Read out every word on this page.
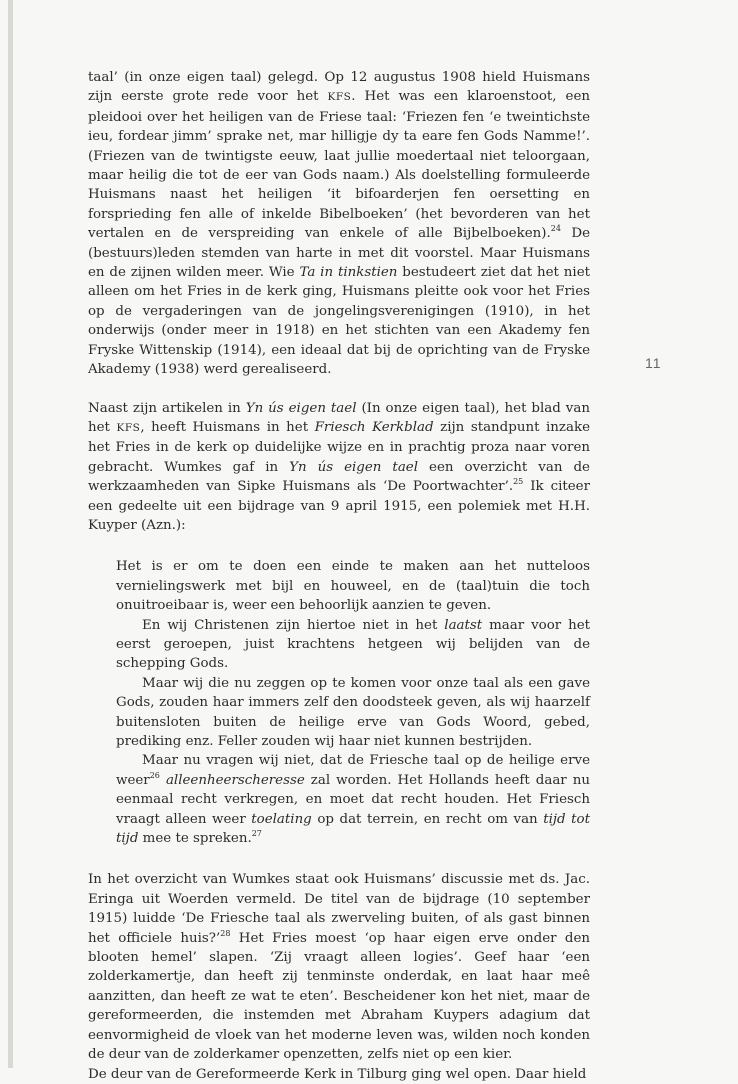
11

taal’ (in onze eigen taal) gelegd. Op 12 augustus 1908 hield Huismans zijn eerste grote rede voor het KFS. Het was een klaroenstoot, een pleidooi over het heiligen van de Friese taal: ‘Friezen fen ‘e tweintichste ieu, fordear jimm’ sprake net, mar hilligje dy ta eare fen Gods Namme!’. (Friezen van de twintigste eeuw, laat jullie moedertaal niet teloorgaan, maar heilig die tot de eer van Gods naam.) Als doelstelling formuleerde Huismans naast het heiligen ‘it bifoarderjen fen oersetting en forsprieding fen alle of inkelde Bibelboeken’ (het bevorderen van het vertalen en de verspreiding van enkele of alle Bijbelboeken).$^{24}$ De (bestuurs)leden stemden van harte in met dit voorstel. Maar Huismans en de zijnen wilden meer. Wie Ta in tinkstien bestudeert ziet dat het niet alleen om het Fries in de kerk ging, Huismans pleitte ook voor het Fries op de vergaderingen van de jongelingsverenigingen (1910), in het onderwijs (onder meer in 1918) en het stichten van een Akademy fen Fryske Wittenskip (1914), een ideaal dat bij de oprichting van de Fryske Akademy (1938) werd gerealiseerd.

Naast zijn artikelen in Yn ús eigen tael (In onze eigen taal), het blad van het KFS, heeft Huismans in het Friesch Kerkblad zijn standpunt inzake het Fries in de kerk op duidelijke wijze en in prachtig proza naar voren gebracht. Wumkes gaf in Yn ús eigen tael een overzicht van de werkzaamheden van Sipke Huismans als ‘De Poortwachter’.$^{25}$ Ik citeer een gedeelte uit een bijdrage van 9 april 1915, een polemiek met H.H. Kuyper (Azn.):

Het is er om te doen een einde te maken aan het nutteloos vernielingswerk met bijl en houweel, en de (taal)tuin die toch onuitroeibaar is, weer een behoorlijk aanzien te geven.

En wij Christenen zijn hiertoe niet in het laatst maar voor het eerst geroepen, juist krachtens hetgeen wij belijden van de schepping Gods.

Maar wij die nu zeggen op te komen voor onze taal als een gave Gods, zouden haar immers zelf den doodsteek geven, als wij haarzelf buitensloten buiten de heilige erve van Gods Woord, gebed, prediking enz. Feller zouden wij haar niet kunnen bestrijden.

Maar nu vragen wij niet, dat de Friesche taal op de heilige erve weer$^{26}$ alleenheerscheresse zal worden. Het Hollands heeft daar nu eenmaal recht verkregen, en moet dat recht houden. Het Friesch vraagt alleen weer toelating op dat terrein, en recht om van tijd tot tijd mee te spreken.$^{27}$

In het overzicht van Wumkes staat ook Huismans’ discussie met ds. Jac. Eringa uit Woerden vermeld. De titel van de bijdrage (10 september 1915) luidde ‘De Friesche taal als zwerveling buiten, of als gast binnen het officiele huis?’$^{28}$ Het Fries moest ‘op haar eigen erve onder den blooten hemel’ slapen. ‘Zij vraagt alleen logies’. Geef haar ‘een zolderkamertje, dan heeft zij tenminste onderdak, en laat haar meê aanzitten, dan heeft ze wat te eten’. Bescheidener kon het niet, maar de gereformeerden, die instemden met Abraham Kuypers adagium dat eenvormigheid de vloek van het moderne leven was, wilden noch konden de deur van de zolderkamer openzetten, zelfs niet op een kier.

De deur van de Gereformeerde Kerk in Tilburg ging wel open. Daar hield
